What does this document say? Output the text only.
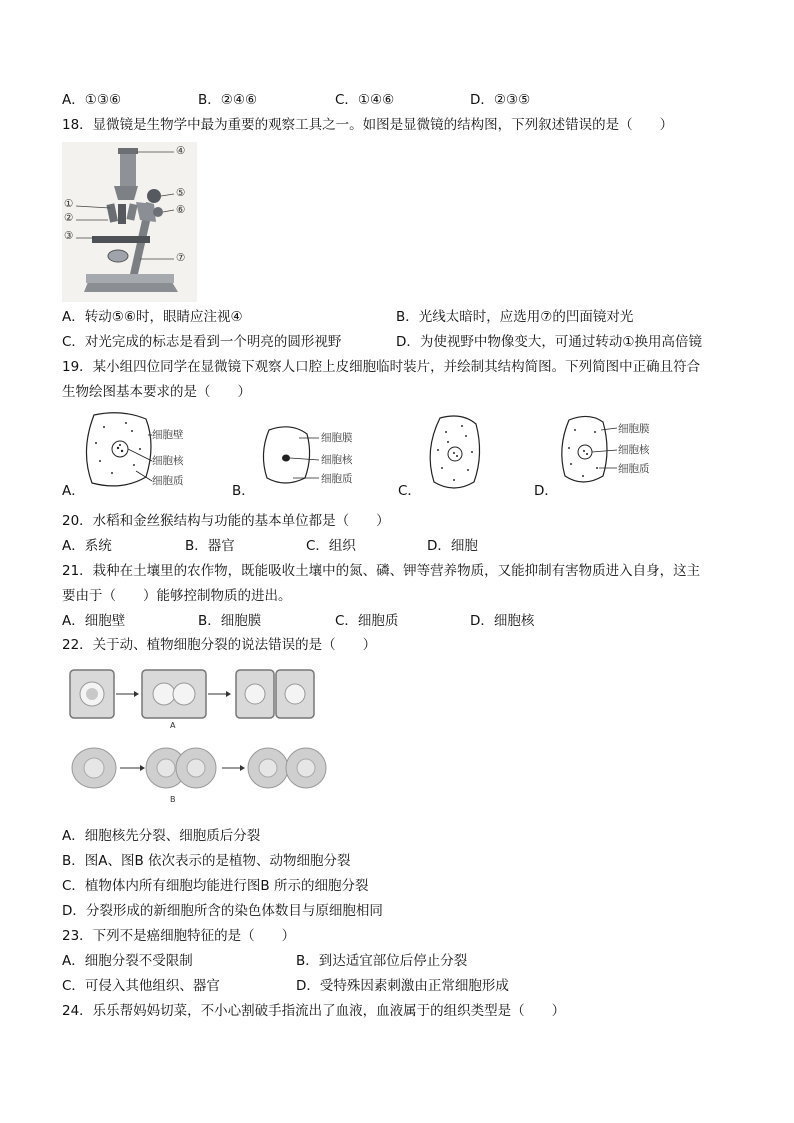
A．①③⑥	B．②④⑥	C．①④⑥	D．②③⑤
18．显微镜是生物学中最为重要的观察工具之一。如图是显微镜的结构图，下列叙述错误的是（　　）
④
⑤
⑥
①
②
③
⑦
A．转动⑤⑥时，眼睛应注视④	B．光线太暗时，应选用⑦的凹面镜对光
C．对光完成的标志是看到一个明亮的圆形视野	D．为使视野中物像变大，可通过转动①换用高倍镜
19．某小组四位同学在显微镜下观察人口腔上皮细胞临时装片，并绘制其结构简图。下列简图中正确且符合
生物绘图基本要求的是（　　）
细胞壁
细胞核
细胞质
A．
细胞膜
细胞核
细胞质
B．	C．
细胞膜
细胞核
细胞质
D．
20．水稻和金丝猴结构与功能的基本单位都是（　　）
A．系统	B．器官	C．组织	D．细胞
21．栽种在土壤里的农作物，既能吸收土壤中的氮、磷、钾等营养物质，又能抑制有害物质进入自身，这主
要由于（　　）能够控制物质的进出。
A．细胞壁	B．细胞膜	C．细胞质	D．细胞核
22．关于动、植物细胞分裂的说法错误的是（　　）
A
B
A．细胞核先分裂、细胞质后分裂
B．图A、图B 依次表示的是植物、动物细胞分裂
C．植物体内所有细胞均能进行图B 所示的细胞分裂
D．分裂形成的新细胞所含的染色体数目与原细胞相同
23．下列不是癌细胞特征的是（　　）
A．细胞分裂不受限制	B．到达适宜部位后停止分裂
C．可侵入其他组织、器官	D．受特殊因素刺激由正常细胞形成
24．乐乐帮妈妈切菜，不小心割破手指流出了血液，血液属于的组织类型是（　　）
